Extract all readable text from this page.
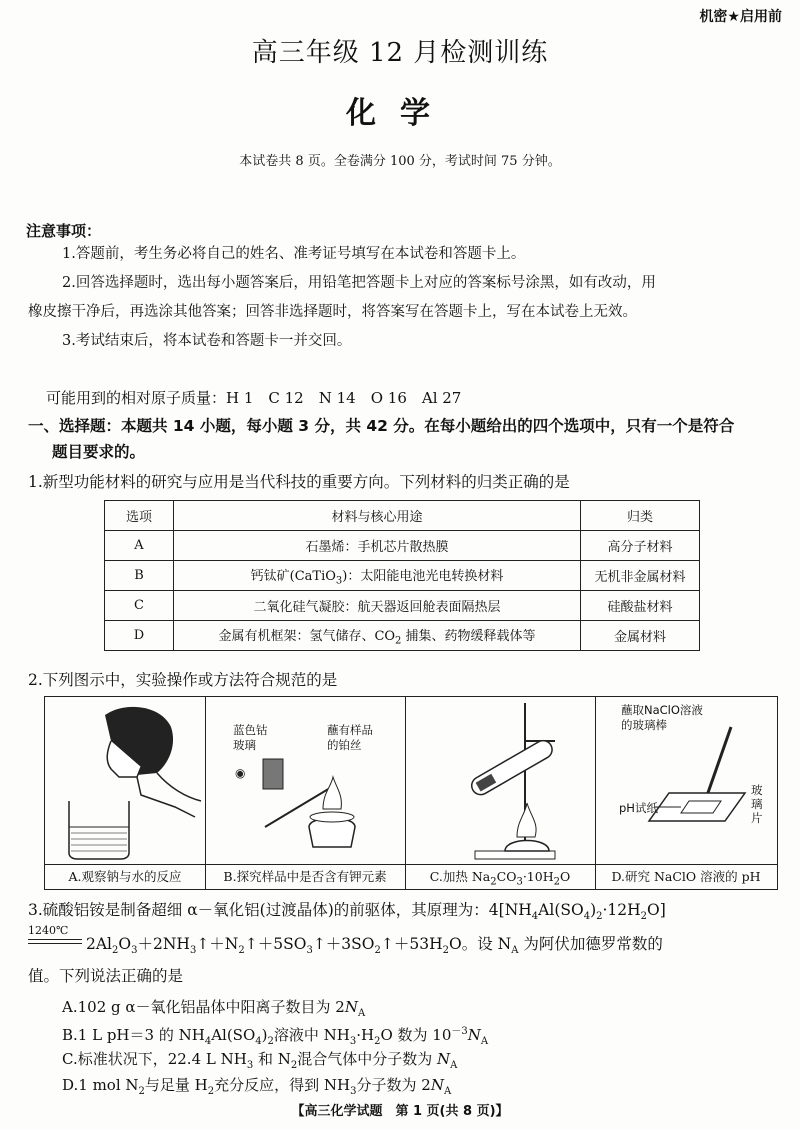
机密★启用前
高三年级 12 月检测训练
化学
本试卷共 8 页。全卷满分 100 分，考试时间 75 分钟。
注意事项：
1.答题前，考生务必将自己的姓名、准考证号填写在本试卷和答题卡上。
2.回答选择题时，选出每小题答案后，用铅笔把答题卡上对应的答案标号涂黑，如有改动，用
橡皮擦干净后，再选涂其他答案；回答非选择题时，将答案写在答题卡上，写在本试卷上无效。
3.考试结束后，将本试卷和答题卡一并交回。
可能用到的相对原子质量：H 1　C 12　N 14　O 16　Al 27
一、选择题：本题共 14 小题，每小题 3 分，共 42 分。在每小题给出的四个选项中，只有一个是符合
题目要求的。
1.新型功能材料的研究与应用是当代科技的重要方向。下列材料的归类正确的是
选项	材料与核心用途	归类
A	石墨烯：手机芯片散热膜	高分子材料
B	钙钛矿(CaTiO$_3$)：太阳能电池光电转换材料	无机非金属材料
C	二氧化硅气凝胶：航天器返回舱表面隔热层	硅酸盐材料
D	金属有机框架：氢气储存、$CO_2$ 捕集、药物缓释载体等	金属材料
2.下列图示中，实验操作或方法符合规范的是
A.观察钠与水的反应
蓝色钴
玻璃
蘸有样品
的铂丝
◉
B.探究样品中是否含有钾元素	C.加热 $Na_2CO_3\cdot 10H_2O$
蘸取NaClO溶液
的玻璃棒
pH试纸
玻
璃
片
D.研究 NaClO 溶液的 pH
3.硫酸铝铵是制备超细 α－氧化铝(过渡晶体)的前驱体，其原理为：$4[NH_4Al(SO_4)_2\cdot 12H_2O]$
1240℃
$2Al_2O_3+2NH_3↑+N_2↑+5SO_3↑+3SO_2↑+53H_2O$。设 $N_A$ 为阿伏加德罗常数的
值。下列说法正确的是
A.102 g α－氧化铝晶体中阳离子数目为 $2N_A$
B.1 L pH＝3 的 $NH_4Al(SO_4)_2$溶液中 $NH_3\cdot H_2O$ 数为 $10^{-3}N_A$
C.标准状况下，22.4 L $NH_3$ 和 $N_2$混合气体中分子数为 $N_A$
D.1 mol $N_2$与足量 $H_2$充分反应，得到 $NH_3$分子数为 $2N_A$
【高三化学试题　第 1 页(共 8 页)】
